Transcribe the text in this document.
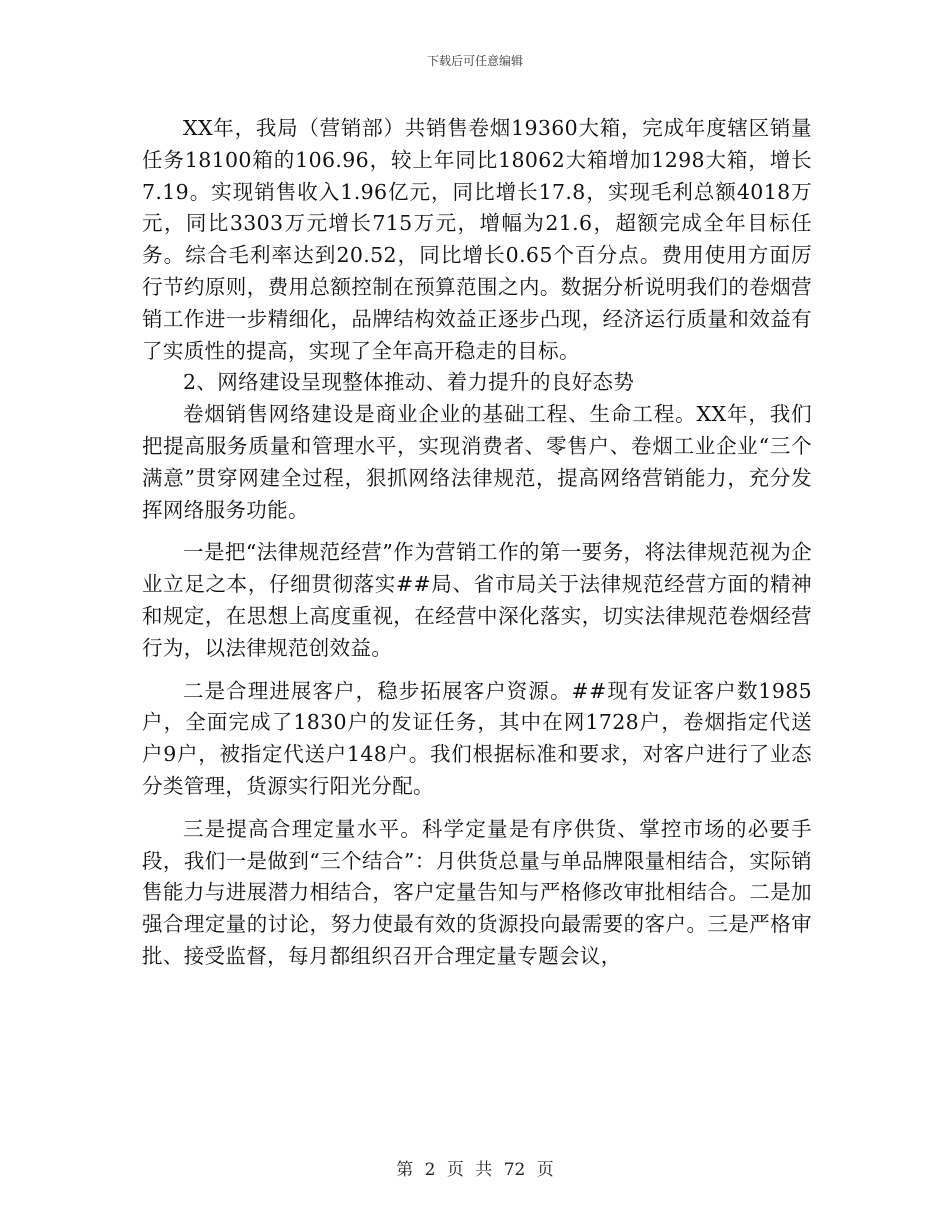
下载后可任意编辑

XX年，我局（营销部）共销售卷烟19360大箱，完成年度辖区销量任务18100箱的106.96，较上年同比18062大箱增加1298大箱，增长7.19。实现销售收入1.96亿元，同比增长17.8，实现毛利总额4018万元，同比3303万元增长715万元，增幅为21.6，超额完成全年目标任务。综合毛利率达到20.52，同比增长0.65个百分点。费用使用方面厉行节约原则，费用总额控制在预算范围之内。数据分析说明我们的卷烟营销工作进一步精细化，品牌结构效益正逐步凸现，经济运行质量和效益有了实质性的提高，实现了全年高开稳走的目标。

2、网络建设呈现整体推动、着力提升的良好态势

卷烟销售网络建设是商业企业的基础工程、生命工程。XX年，我们把提高服务质量和管理水平，实现消费者、零售户、卷烟工业企业“三个满意”贯穿网建全过程，狠抓网络法律规范，提高网络营销能力，充分发挥网络服务功能。

一是把“法律规范经营”作为营销工作的第一要务，将法律规范视为企业立足之本，仔细贯彻落实##局、省市局关于法律规范经营方面的精神和规定，在思想上高度重视，在经营中深化落实，切实法律规范卷烟经营行为，以法律规范创效益。

二是合理进展客户，稳步拓展客户资源。##现有发证客户数1985户，全面完成了1830户的发证任务，其中在网1728户，卷烟指定代送户9户，被指定代送户148户。我们根据标准和要求，对客户进行了业态分类管理，货源实行阳光分配。

三是提高合理定量水平。科学定量是有序供货、掌控市场的必要手段，我们一是做到“三个结合”：月供货总量与单品牌限量相结合，实际销售能力与进展潜力相结合，客户定量告知与严格修改审批相结合。二是加强合理定量的讨论，努力使最有效的货源投向最需要的客户。三是严格审批、接受监督，每月都组织召开合理定量专题会议，

第 2 页 共 72 页
